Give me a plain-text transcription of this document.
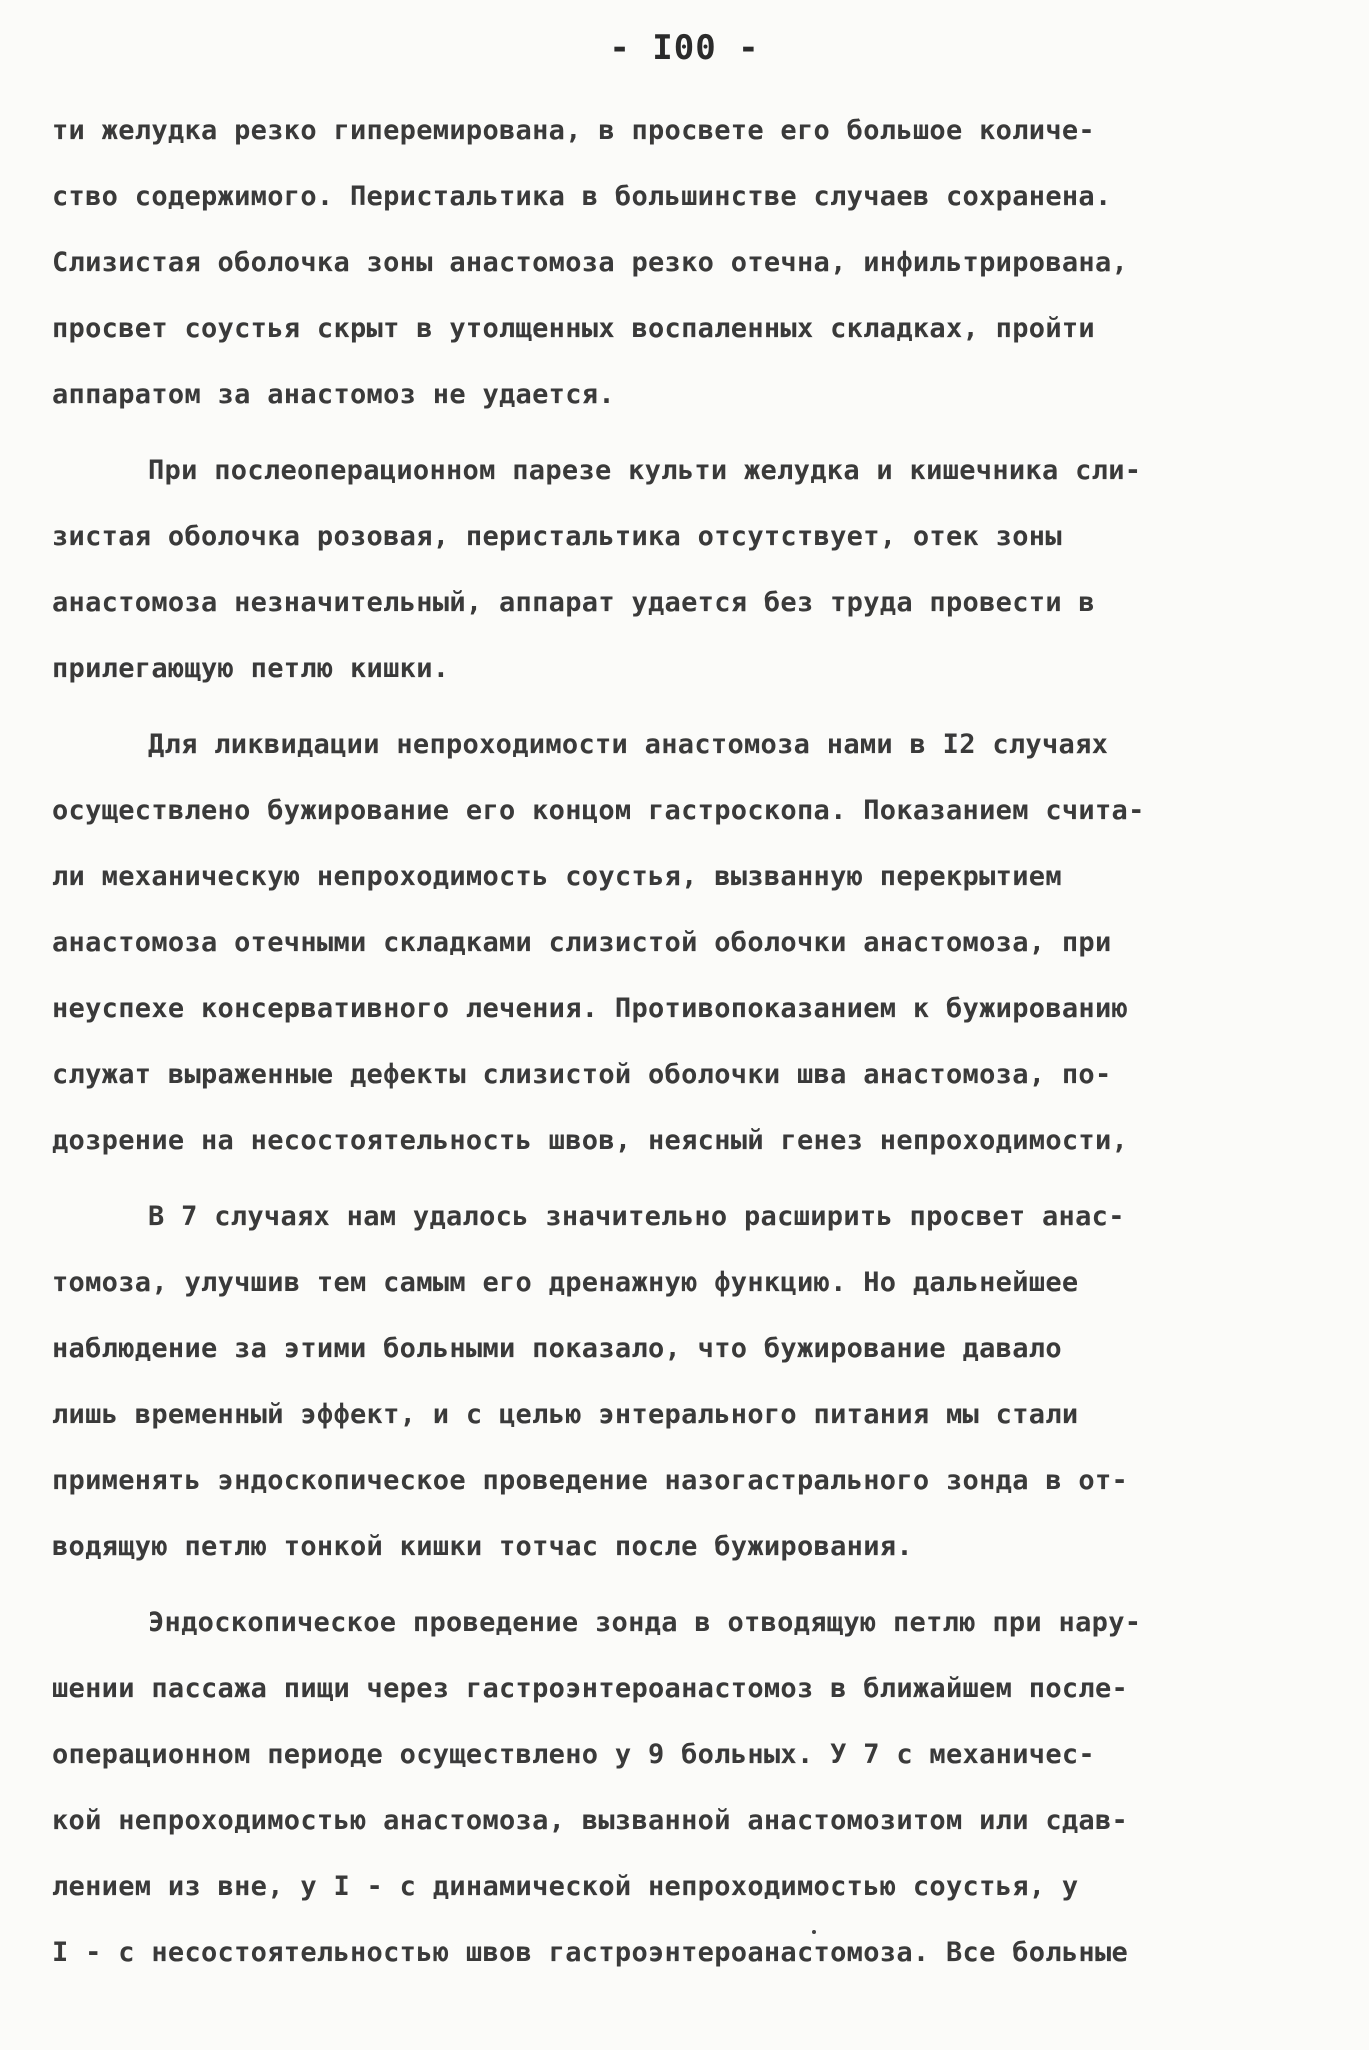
- I00 -
ти желудка резко гиперемирована, в просвете его большое количе-
ство содержимого. Перистальтика в большинстве случаев сохранена.
Слизистая оболочка зоны анастомоза резко отечна, инфильтрирована,
просвет соустья скрыт в утолщенных воспаленных складках, пройти
аппаратом за анастомоз не удается.
При послеоперационном парезе культи желудка и кишечника сли-
зистая оболочка розовая, перистальтика отсутствует, отек зоны
анастомоза незначительный, аппарат удается без труда провести в
прилегающую петлю кишки.
Для ликвидации непроходимости анастомоза нами в I2 случаях
осуществлено бужирование его концом гастроскопа. Показанием счита-
ли механическую непроходимость соустья, вызванную перекрытием
анастомоза отечными складками слизистой оболочки анастомоза, при
неуспехе консервативного лечения. Противопоказанием к бужированию
служат выраженные дефекты слизистой оболочки шва анастомоза, по-
дозрение на несостоятельность швов, неясный генез непроходимости,
В 7 случаях нам удалось значительно расширить просвет анас-
томоза, улучшив тем самым его дренажную функцию. Но дальнейшее
наблюдение за этими больными показало, что бужирование давало
лишь временный эффект, и с целью энтерального питания мы стали
применять эндоскопическое проведение назогастрального зонда в от-
водящую петлю тонкой кишки тотчас после бужирования.
Эндоскопическое проведение зонда в отводящую петлю при нару-
шении пассажа пищи через гастроэнтероанастомоз в ближайшем после-
операционном периоде осуществлено у 9 больных. У 7 с механичес-
кой непроходимостью анастомоза, вызванной анастомозитом или сдав-
лением из вне, у I - с динамической непроходимостью соустья, у
I - с несостоятельностью швов гастроэнтероанастомоза. Все больные
